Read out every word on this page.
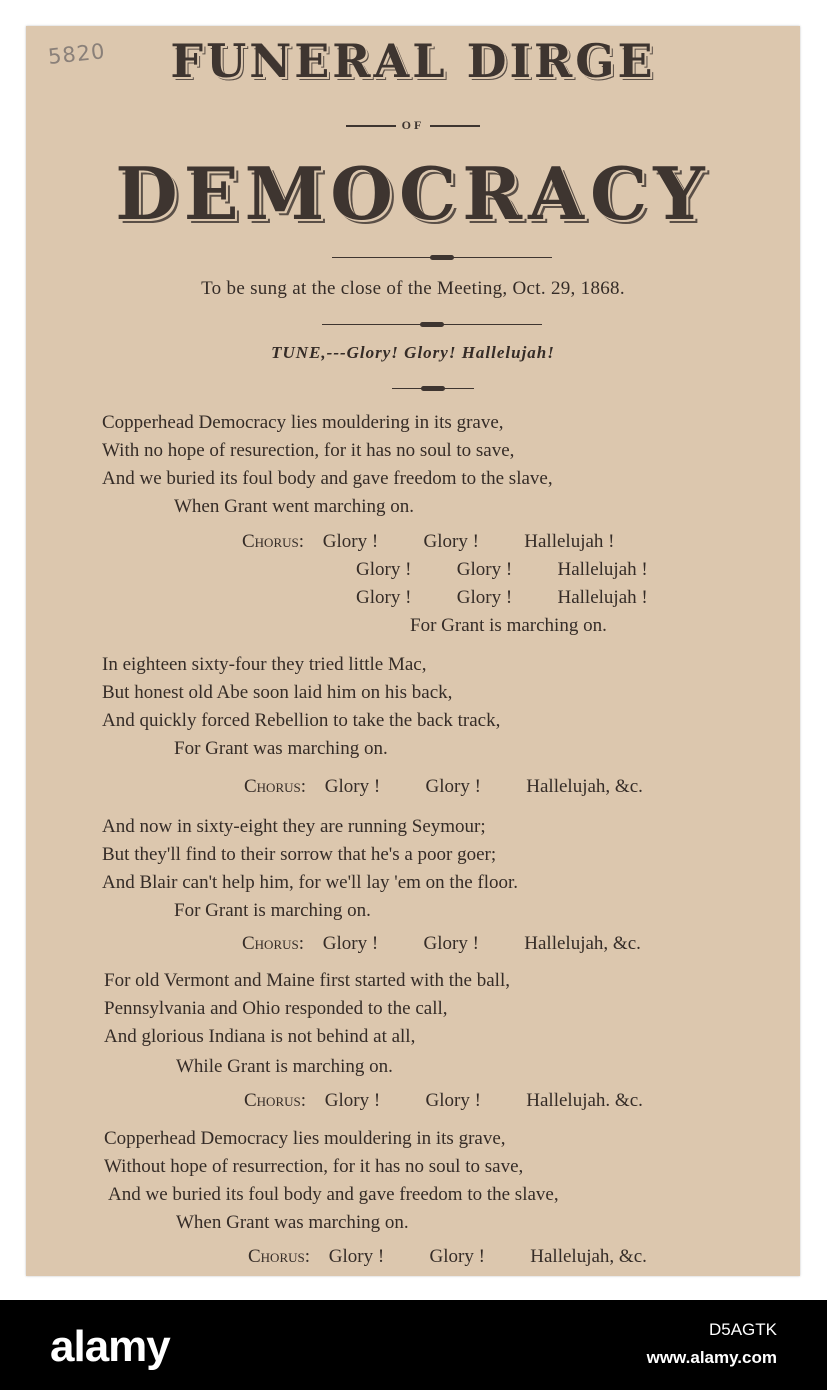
5820	FUNERAL DIRGE
OF
DEMOCRACY
To be sung at the close of the Meeting, Oct. 29, 1868.
TUNE,---Glory! Glory! Hallelujah!
Copperhead Democracy lies mouldering in its grave,
With no hope of resurection, for it has no soul to save,
And we buried its foul body and gave freedom to the slave,
When Grant went marching on.
Chorus: Glory ! Glory ! Hallelujah !
Glory ! Glory ! Hallelujah !
Glory ! Glory ! Hallelujah !
For Grant is marching on.
In eighteen sixty-four they tried little Mac,
But honest old Abe soon laid him on his back,
And quickly forced Rebellion to take the back track,
For Grant was marching on.
Chorus: Glory ! Glory ! Hallelujah, &c.
And now in sixty-eight they are running Seymour;
But they'll find to their sorrow that he's a poor goer;
And Blair can't help him, for we'll lay 'em on the floor.
For Grant is marching on.
Chorus: Glory ! Glory ! Hallelujah, &c.
For old Vermont and Maine first started with the ball,
Pennsylvania and Ohio responded to the call,
And glorious Indiana is not behind at all,
While Grant is marching on.
Chorus: Glory ! Glory ! Hallelujah. &c.
Copperhead Democracy lies mouldering in its grave,
Without hope of resurrection, for it has no soul to save,
And we buried its foul body and gave freedom to the slave,
When Grant was marching on.
Chorus: Glory ! Glory ! Hallelujah, &c.
alamy	D5AGTK
www.alamy.com
